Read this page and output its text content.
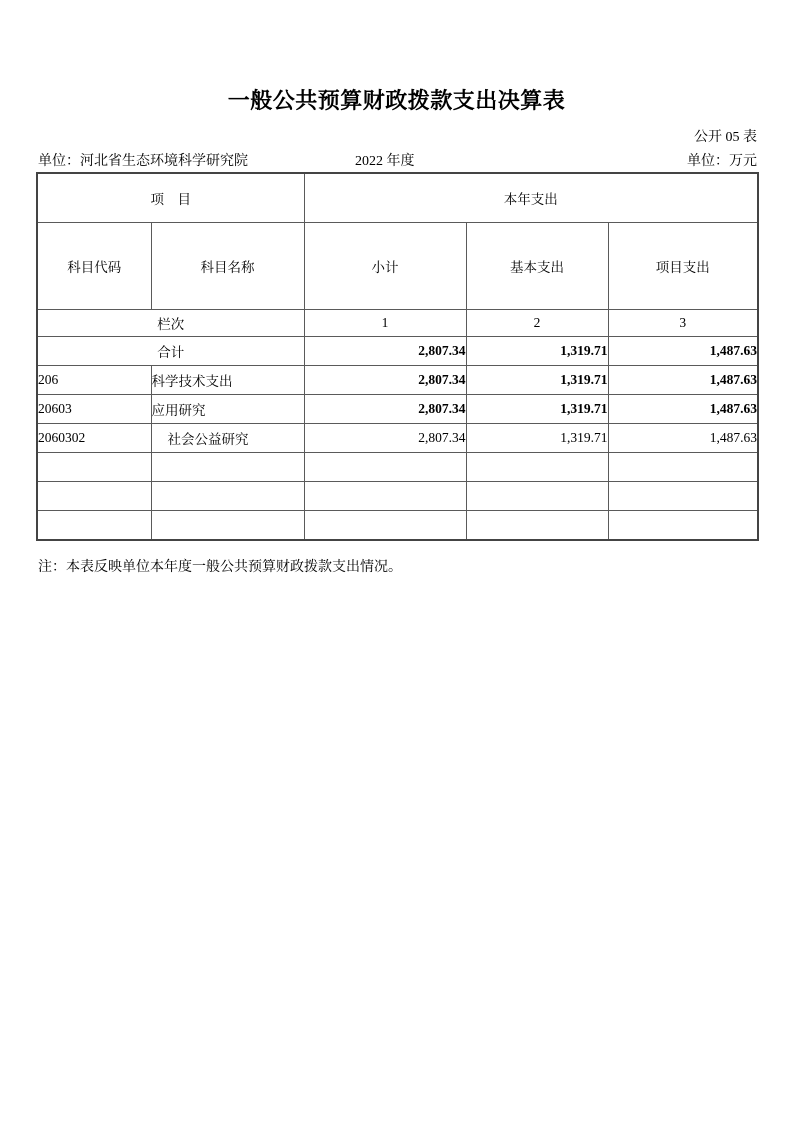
一般公共预算财政拨款支出决算表
公开 05 表
单位：河北省生态环境科学研究院	2022 年度	单位：万元
项　目		本年支出		
科目代码	科目名称	小计	基本支出	项目支出
栏次		1	2	3
合计		2,807.34	1,319.71	1,487.63
206	科学技术支出	2,807.34	1,319.71	1,487.63
20603	应用研究	2,807.34	1,319.71	1,487.63
2060302	社会公益研究	2,807.34	1,319.71	1,487.63

注：本表反映单位本年度一般公共预算财政拨款支出情况。
